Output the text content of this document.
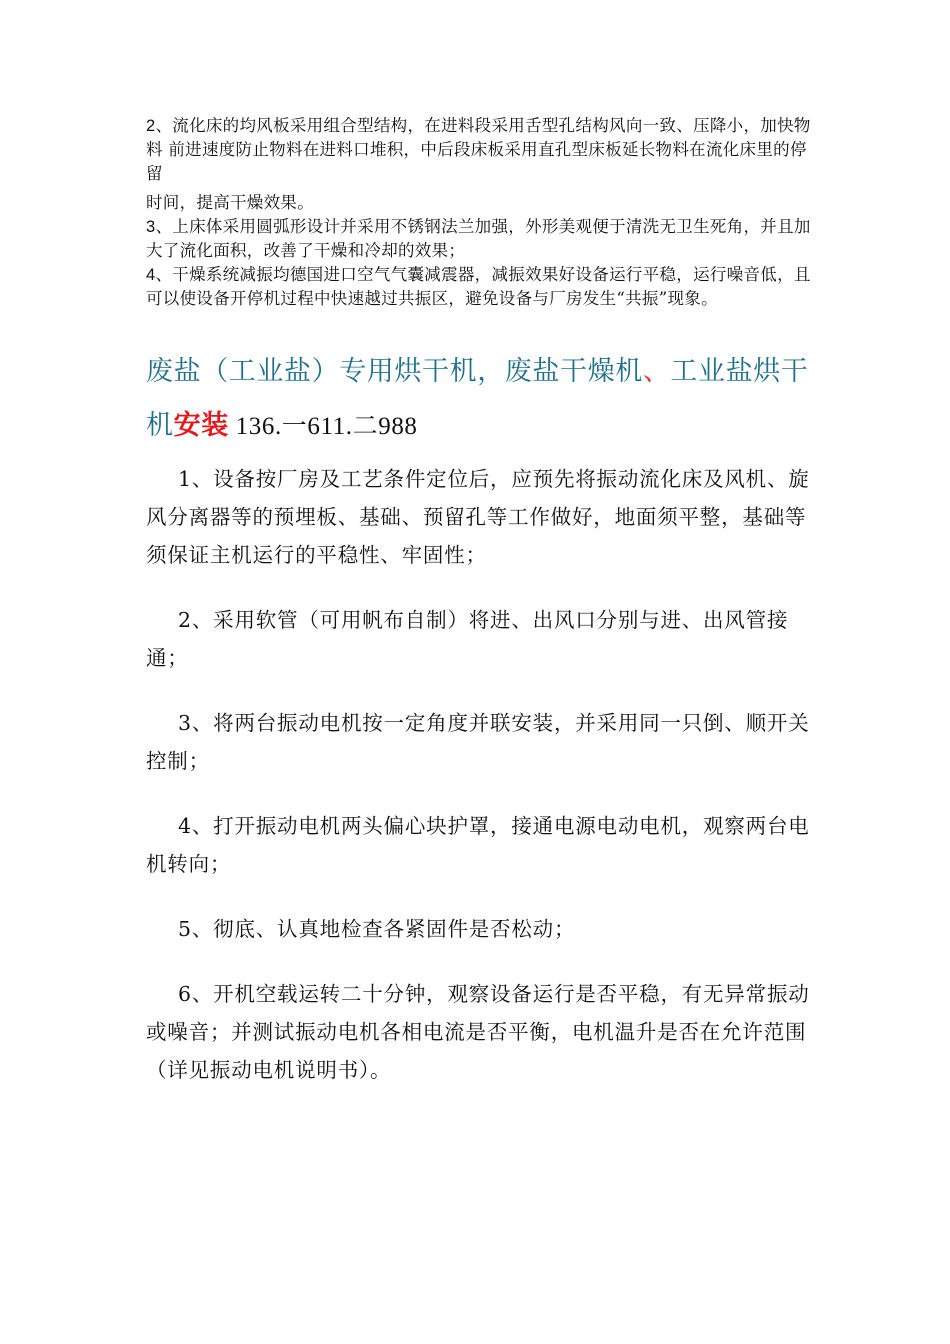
2、流化床的均风板采用组合型结构，在进料段采用舌型孔结构风向一致、压降小，加快物料 前进速度防止物料在进料口堆积，中后段床板采用直孔型床板延长物料在流化床里的停留

时间，提高干燥效果。

3、上床体采用圆弧形设计并采用不锈钢法兰加强，外形美观便于清洗无卫生死角，并且加大了流化面积，改善了干燥和冷却的效果；

4、干燥系统减振均德国进口空气气囊减震器，减振效果好设备运行平稳，运行噪音低，且可以使设备开停机过程中快速越过共振区，避免设备与厂房发生“共振”现象。

废盐（工业盐）专用烘干机，废盐干燥机、工业盐烘干机安装 136.一611.二988

1、设备按厂房及工艺条件定位后，应预先将振动流化床及风机、旋风分离器等的预埋板、基础、预留孔等工作做好，地面须平整，基础等须保证主机运行的平稳性、牢固性；

2、采用软管（可用帆布自制）将进、出风口分别与进、出风管接通；

3、将两台振动电机按一定角度并联安装，并采用同一只倒、顺开关控制；

4、打开振动电机两头偏心块护罩，接通电源电动电机，观察两台电机转向；

5、彻底、认真地检查各紧固件是否松动；

6、开机空载运转二十分钟，观察设备运行是否平稳，有无异常振动或噪音；并测试振动电机各相电流是否平衡，电机温升是否在允许范围（详见振动电机说明书）。
